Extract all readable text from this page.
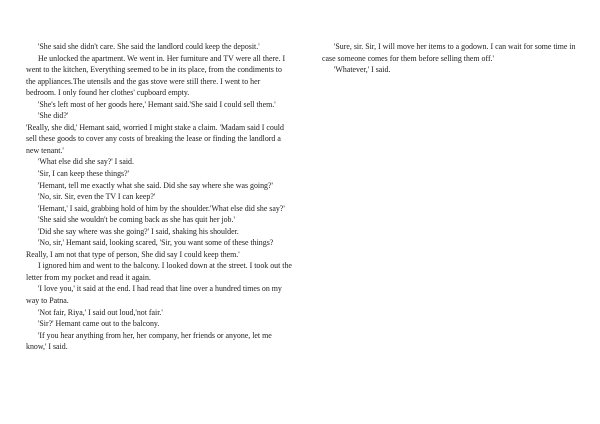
'She said she didn't care. She said the landlord could keep the deposit.'

He unlocked the apartment. We went in. Her furniture and TV were all there. I went to the kitchen, Everything seemed to be in its place, from the condiments to the appliances.The utensils and the gas stove were still there. I went to her bedroom. I only found her clothes' cupboard empty.

'She's left most of her goods here,' Hemant said.'She said I could sell them.'

'She did?'

'Really, she did,' Hemant said, worried I might stake a claim. 'Madam said I could sell these goods to cover any costs of breaking the lease or finding the landlord a new tenant.'

'What else did she say?' I said.

'Sir, I can keep these things?'

'Hemant, tell me exactly what she said. Did she say where she was going?'

'No, sir. Sir, even the TV I can keep?'

'Hemant,' I said, grabbing hold of him by the shoulder.'What else did she say?'

'She said she wouldn't be coming back as she has quit her job.'

'Did she say where was she going?' I said, shaking his shoulder.

'No, sir,' Hemant said, looking scared, 'Sir, you want some of these things? Really, I am not that type of person, She did say I could keep them.'

I ignored him and went to the balcony. I looked down at the street. I took out the letter from my pocket and read it again.

'I love you,' it said at the end. I had read that line over a hundred times on my way to Patna.

'Not fair, Riya,' I said out loud,'not fair.'

'Sir?' Hemant came out to the balcony.

'If you hear anything from her, her company, her friends or anyone, let me know,' I said.

'Sure, sir. Sir, I will move her items to a godown. I can wait for some time in case someone comes for them before selling them off.'

'Whatever,' I said.
